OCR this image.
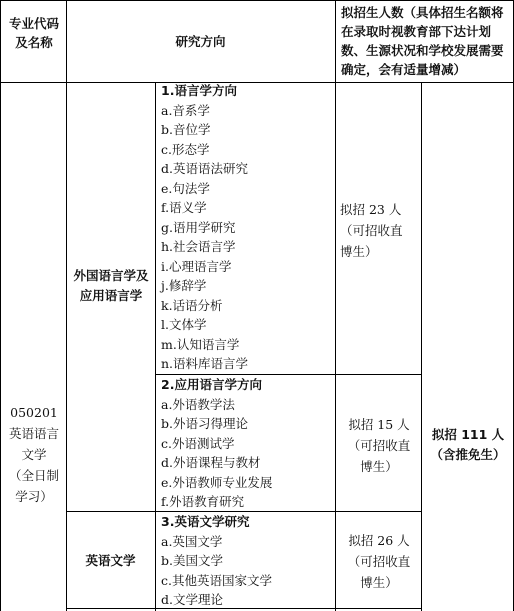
专业代码及名称	研究方向
拟招生人数（具体招生名额将在录取时视教育部下达计划数、生源状况和学校发展需要确定，会有适量增减）
050201
英语语言文学
（全日制学习）
外国语言学及应用语言学
1.语言学方向
a.音系学
b.音位学
c.形态学
d.英语语法研究
e.句法学
f.语义学
g.语用学研究
h.社会语言学
i.心理语言学
j.修辞学
k.话语分析
l.文体学
m.认知语言学
n.语料库语言学
拟招 23 人（可招收直博生）
2.应用语言学方向
a.外语教学法
b.外语习得理论
c.外语测试学
d.外语课程与教材
e.外语教师专业发展
f.外语教育研究
拟招 15 人（可招收直博生）
英语文学
3.英语文学研究
a.英国文学
b.美国文学
c.其他英语国家文学
d.文学理论
拟招 26 人（可招收直博生）
拟招 111 人（含推免生）
